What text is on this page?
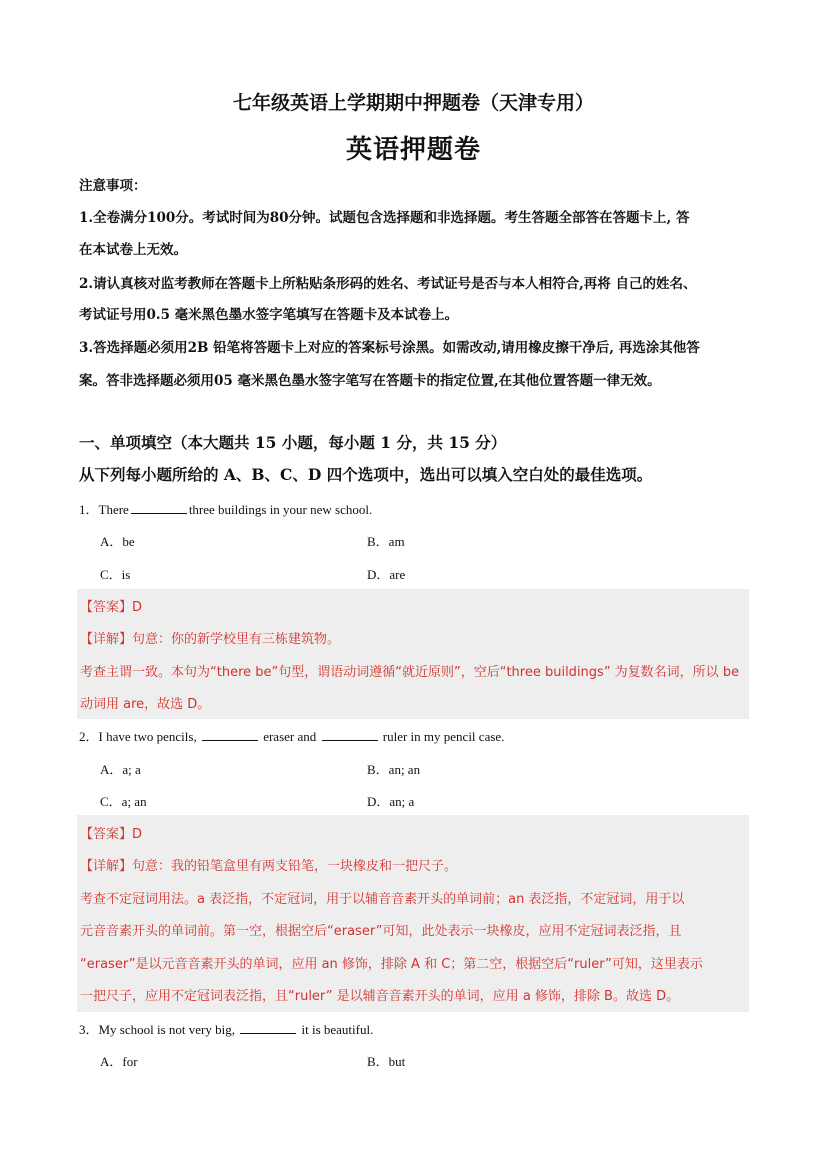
七年级英语上学期期中押题卷（天津专用）
英语押题卷
注意事项：
1.全卷满分100分。考试时间为80分钟。试题包含选择题和非选择题。考生答题全部答在答题卡上, 答
在本试卷上无效。
2.请认真核对监考教师在答题卡上所粘贴条形码的姓名、考试证号是否与本人相符合,再将 自己的姓名、
考试证号用0.5 毫米黑色墨水签字笔填写在答题卡及本试卷上。
3.答选择题必须用2B 铅笔将答题卡上对应的答案标号涂黑。如需改动,请用橡皮擦干净后, 再选涂其他答
案。答非选择题必须用05 毫米黑色墨水签字笔写在答题卡的指定位置,在其他位置答题一律无效。
一、单项填空（本大题共 15 小题，每小题 1 分，共 15 分）
从下列每小题所给的 A、B、C、D 四个选项中，选出可以填入空白处的最佳选项。
1．There	three buildings in your new school.
A．be	B．am
C．is	D．are
【答案】D
【详解】句意：你的新学校里有三栋建筑物。
考查主谓一致。本句为“there be”句型，谓语动词遵循“就近原则”，空后“three buildings” 为复数名词，所以 be
动词用 are，故选 D。
2．I have two pencils,	eraser and	ruler in my pencil case.
A．a; a	B．an; an
C．a; an	D．an; a
【答案】D
【详解】句意：我的铅笔盒里有两支铅笔，一块橡皮和一把尺子。
考查不定冠词用法。a 表泛指，不定冠词，用于以辅音音素开头的单词前；an 表泛指，不定冠词，用于以
元音音素开头的单词前。第一空，根据空后“eraser”可知，此处表示一块橡皮，应用不定冠词表泛指，且
“eraser”是以元音音素开头的单词，应用 an 修饰，排除 A 和 C；第二空，根据空后“ruler”可知，这里表示
一把尺子，应用不定冠词表泛指，且“ruler” 是以辅音音素开头的单词，应用 a 修饰，排除 B。故选 D。
3．My school is not very big,	it is beautiful.
A．for	B．but
